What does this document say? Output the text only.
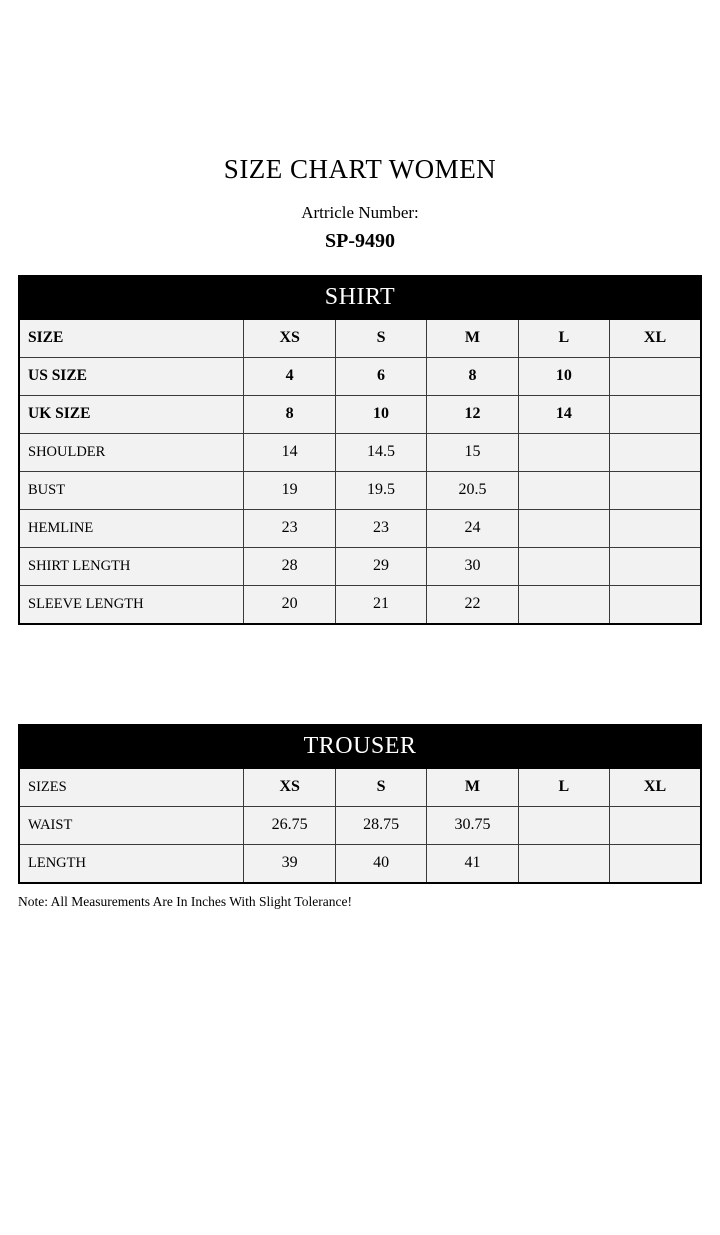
SIZE CHART WOMEN
Artricle Number:
SP-9490
SHIRT					
SIZE	XS	S	M	L	XL
US SIZE	4	6	8	10	
UK SIZE	8	10	12	14	
SHOULDER	14	14.5	15		
BUST	19	19.5	20.5		
HEMLINE	23	23	24		
SHIRT LENGTH	28	29	30		
SLEEVE LENGTH	20	21	22		
TROUSER					
SIZES	XS	S	M	L	XL
WAIST	26.75	28.75	30.75		
LENGTH	39	40	41		
Note: All Measurements Are In Inches With Slight Tolerance!
